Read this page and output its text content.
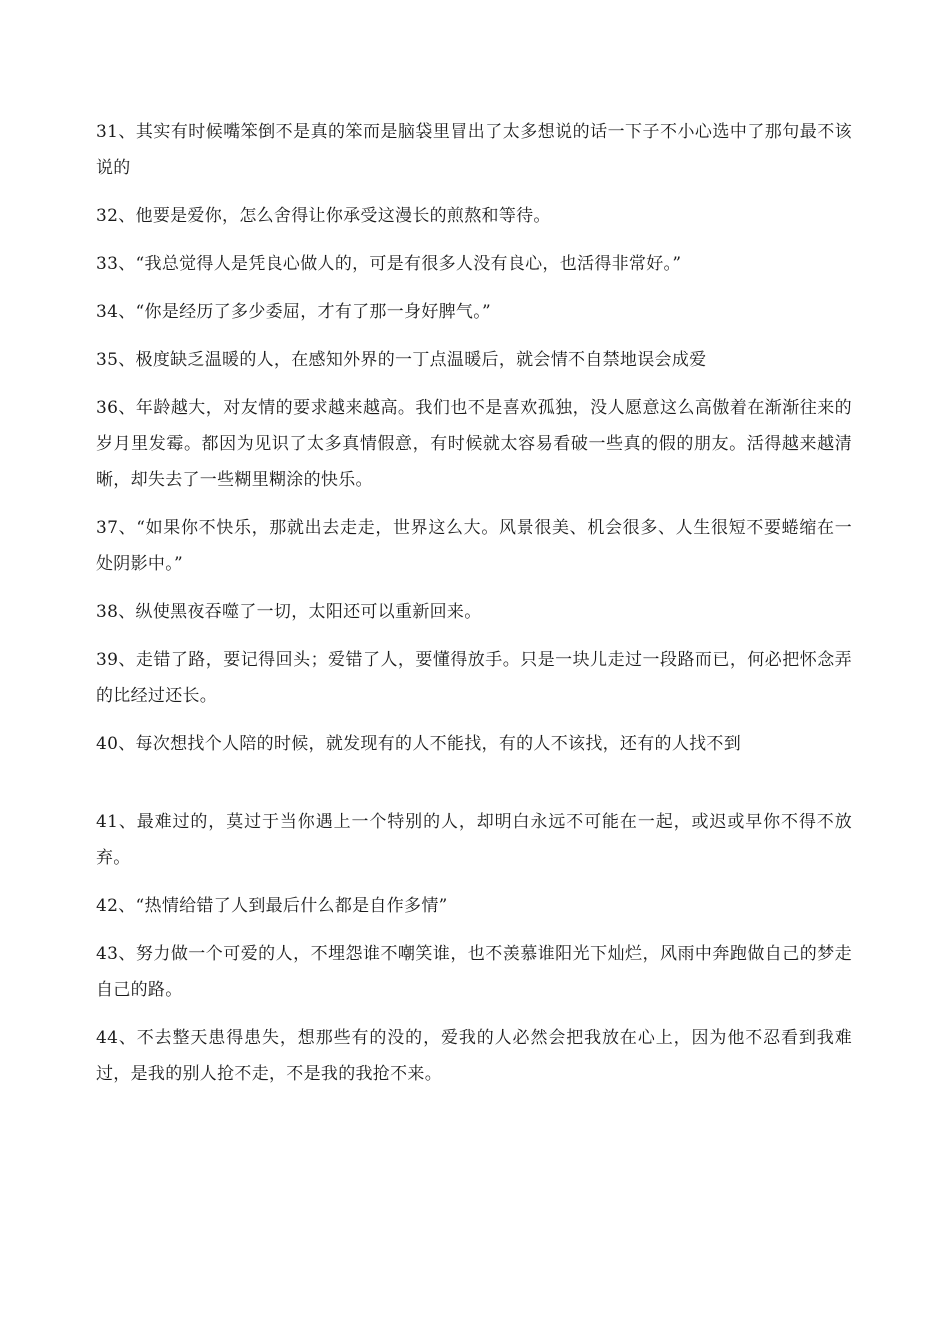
31、其实有时候嘴笨倒不是真的笨而是脑袋里冒出了太多想说的话一下子不小心选中了那句最不该说的

32、他要是爱你，怎么舍得让你承受这漫长的煎熬和等待。

33、“我总觉得人是凭良心做人的，可是有很多人没有良心，也活得非常好。”

34、“你是经历了多少委屈，才有了那一身好脾气。”

35、极度缺乏温暖的人，在感知外界的一丁点温暖后，就会情不自禁地误会成爱

36、年龄越大，对友情的要求越来越高。我们也不是喜欢孤独，没人愿意这么高傲着在渐渐往来的岁月里发霉。都因为见识了太多真情假意，有时候就太容易看破一些真的假的朋友。活得越来越清晰，却失去了一些糊里糊涂的快乐。

37、“如果你不快乐，那就出去走走，世界这么大。风景很美、机会很多、人生很短不要蜷缩在一处阴影中。”

38、纵使黑夜吞噬了一切，太阳还可以重新回来。

39、走错了路，要记得回头；爱错了人，要懂得放手。只是一块儿走过一段路而已，何必把怀念弄的比经过还长。

40、每次想找个人陪的时候，就发现有的人不能找，有的人不该找，还有的人找不到

41、最难过的，莫过于当你遇上一个特别的人，却明白永远不可能在一起，或迟或早你不得不放弃。

42、“热情给错了人到最后什么都是自作多情”

43、努力做一个可爱的人，不埋怨谁不嘲笑谁，也不羡慕谁阳光下灿烂，风雨中奔跑做自己的梦走自己的路。

44、不去整天患得患失，想那些有的没的，爱我的人必然会把我放在心上，因为他不忍看到我难过，是我的别人抢不走，不是我的我抢不来。
